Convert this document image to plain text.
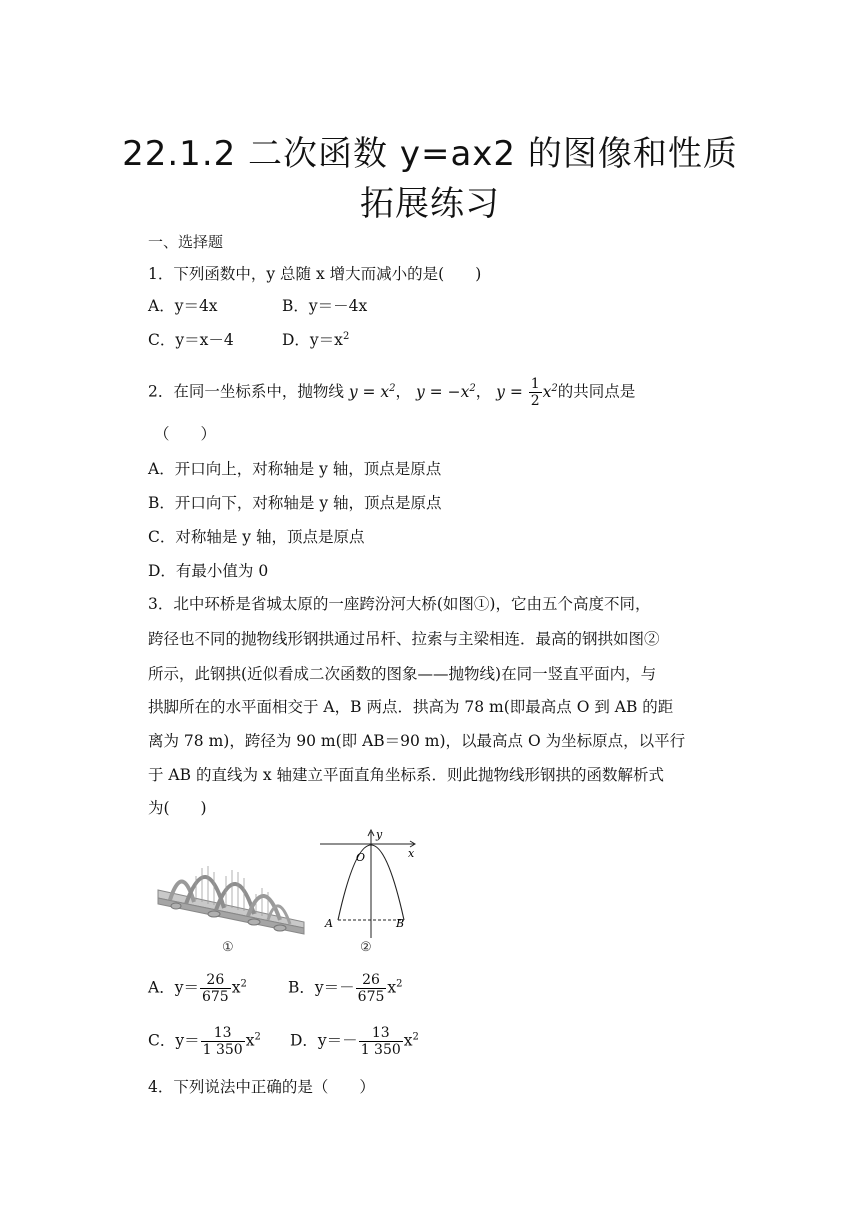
22.1.2 二次函数 y=ax2 的图像和性质
拓展练习
一、选择题
1．下列函数中，y 总随 x 增大而减小的是(　　)
A．y＝4x	B．y＝－4x
C．y＝x－4	D．$y=x^2$
2．在同一坐标系中，抛物线 $y = x^2$， $y = -x^2$， $y = \frac{1}{2} x^2$的共同点是
（　　）
A．开口向上，对称轴是 y 轴，顶点是原点
B．开口向下，对称轴是 y 轴，顶点是原点
C．对称轴是 y 轴，顶点是原点
D．有最小值为 0
3．北中环桥是省城太原的一座跨汾河大桥(如图①)，它由五个高度不同，
跨径也不同的抛物线形钢拱通过吊杆、拉索与主梁相连．最高的钢拱如图②
所示，此钢拱(近似看成二次函数的图象——抛物线)在同一竖直平面内，与
拱脚所在的水平面相交于 A，B 两点．拱高为 78 m(即最高点 O 到 AB 的距
离为 78 m)，跨径为 90 m(即 AB＝90 m)，以最高点 O 为坐标原点，以平行
于 AB 的直线为 x 轴建立平面直角坐标系．则此抛物线形钢拱的函数解析式
为(　　)
①
y
x
O
A	B
②
A．$y= \frac{26}{675} x^2$	B．$y=- \frac{26}{675} x^2$
C．$y= \frac{13}{1 350} x^2$ D．$y=- \frac{13}{1 350} x^2$
4．下列说法中正确的是（　　）
